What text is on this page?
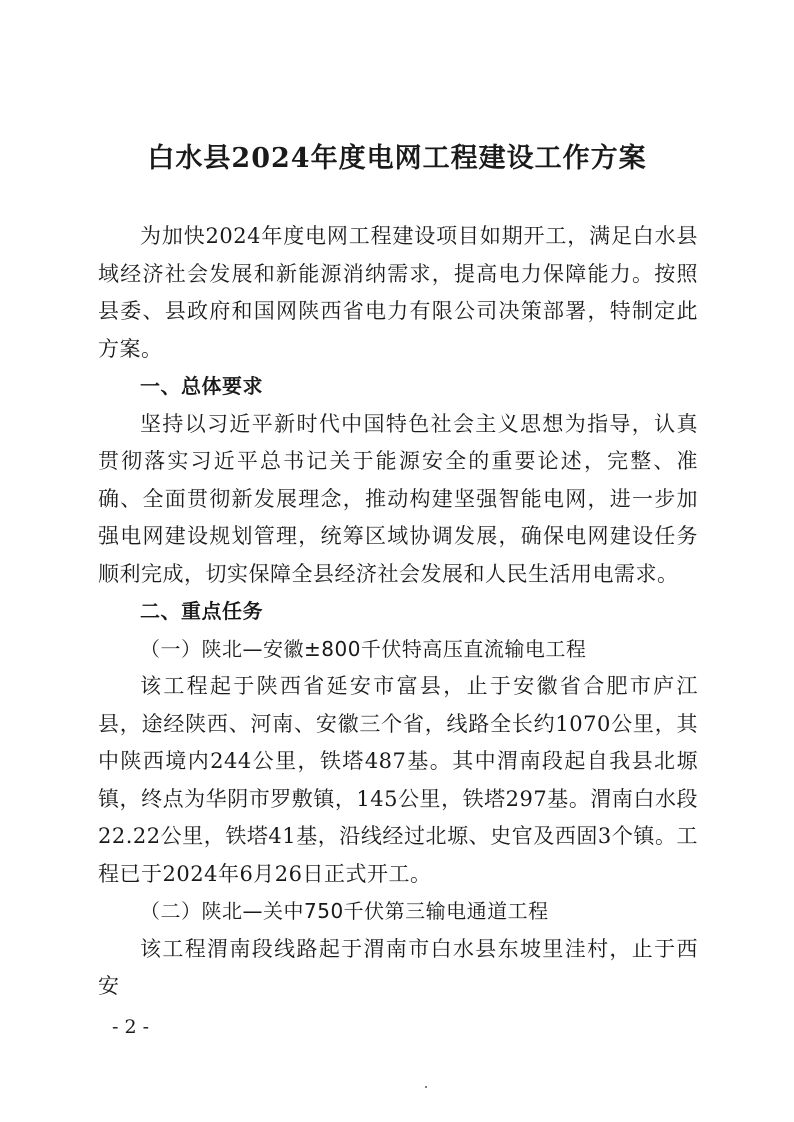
白水县2024年度电网工程建设工作方案

为加快2024年度电网工程建设项目如期开工，满足白水县域经济社会发展和新能源消纳需求，提高电力保障能力。按照县委、县政府和国网陕西省电力有限公司决策部署，特制定此方案。

一、总体要求

坚持以习近平新时代中国特色社会主义思想为指导，认真贯彻落实习近平总书记关于能源安全的重要论述，完整、准确、全面贯彻新发展理念，推动构建坚强智能电网，进一步加强电网建设规划管理，统筹区域协调发展，确保电网建设任务顺利完成，切实保障全县经济社会发展和人民生活用电需求。

二、重点任务

（一）陕北—安徽±800千伏特高压直流输电工程

该工程起于陕西省延安市富县，止于安徽省合肥市庐江县，途经陕西、河南、安徽三个省，线路全长约1070公里，其中陕西境内244公里，铁塔487基。其中渭南段起自我县北塬镇，终点为华阴市罗敷镇，145公里，铁塔297基。渭南白水段22.22公里，铁塔41基，沿线经过北塬、史官及西固3个镇。工程已于2024年6月26日正式开工。

（二）陕北—关中750千伏第三输电通道工程

该工程渭南段线路起于渭南市白水县东坡里洼村，止于西安

- 2 -
